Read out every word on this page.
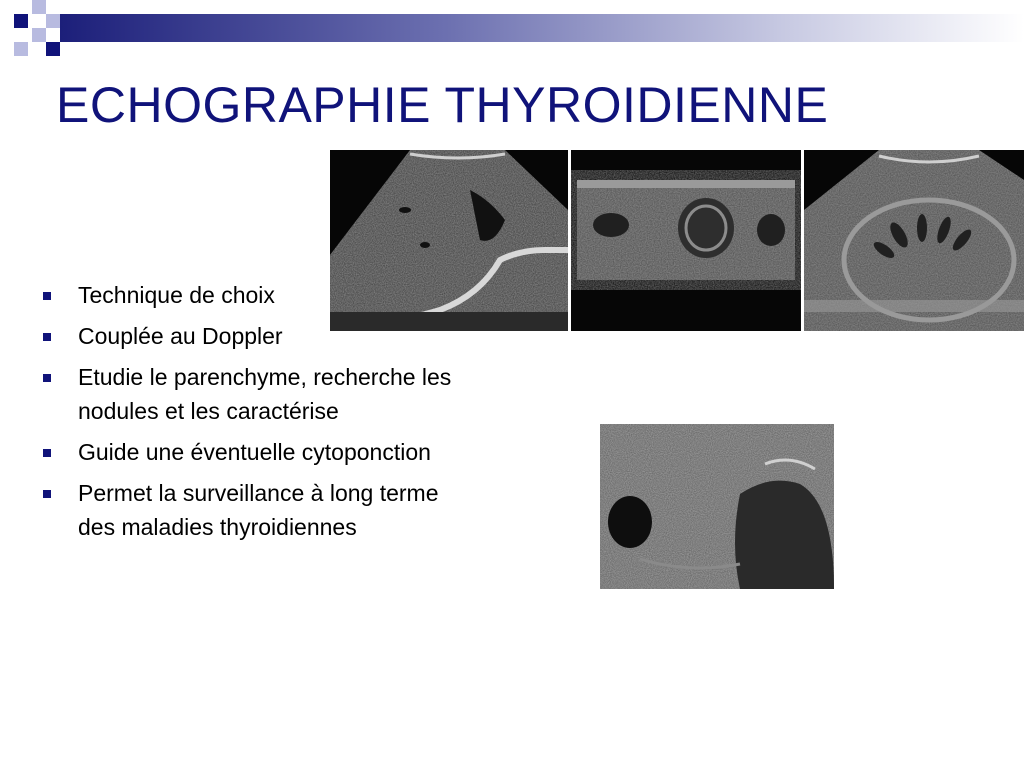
ECHOGRAPHIE THYROIDIENNE
Technique de choix
Couplée au Doppler
Etudie le parenchyme, recherche les nodules et les caractérise
Guide une éventuelle cytoponction
Permet la surveillance à long terme des maladies thyroidiennes
